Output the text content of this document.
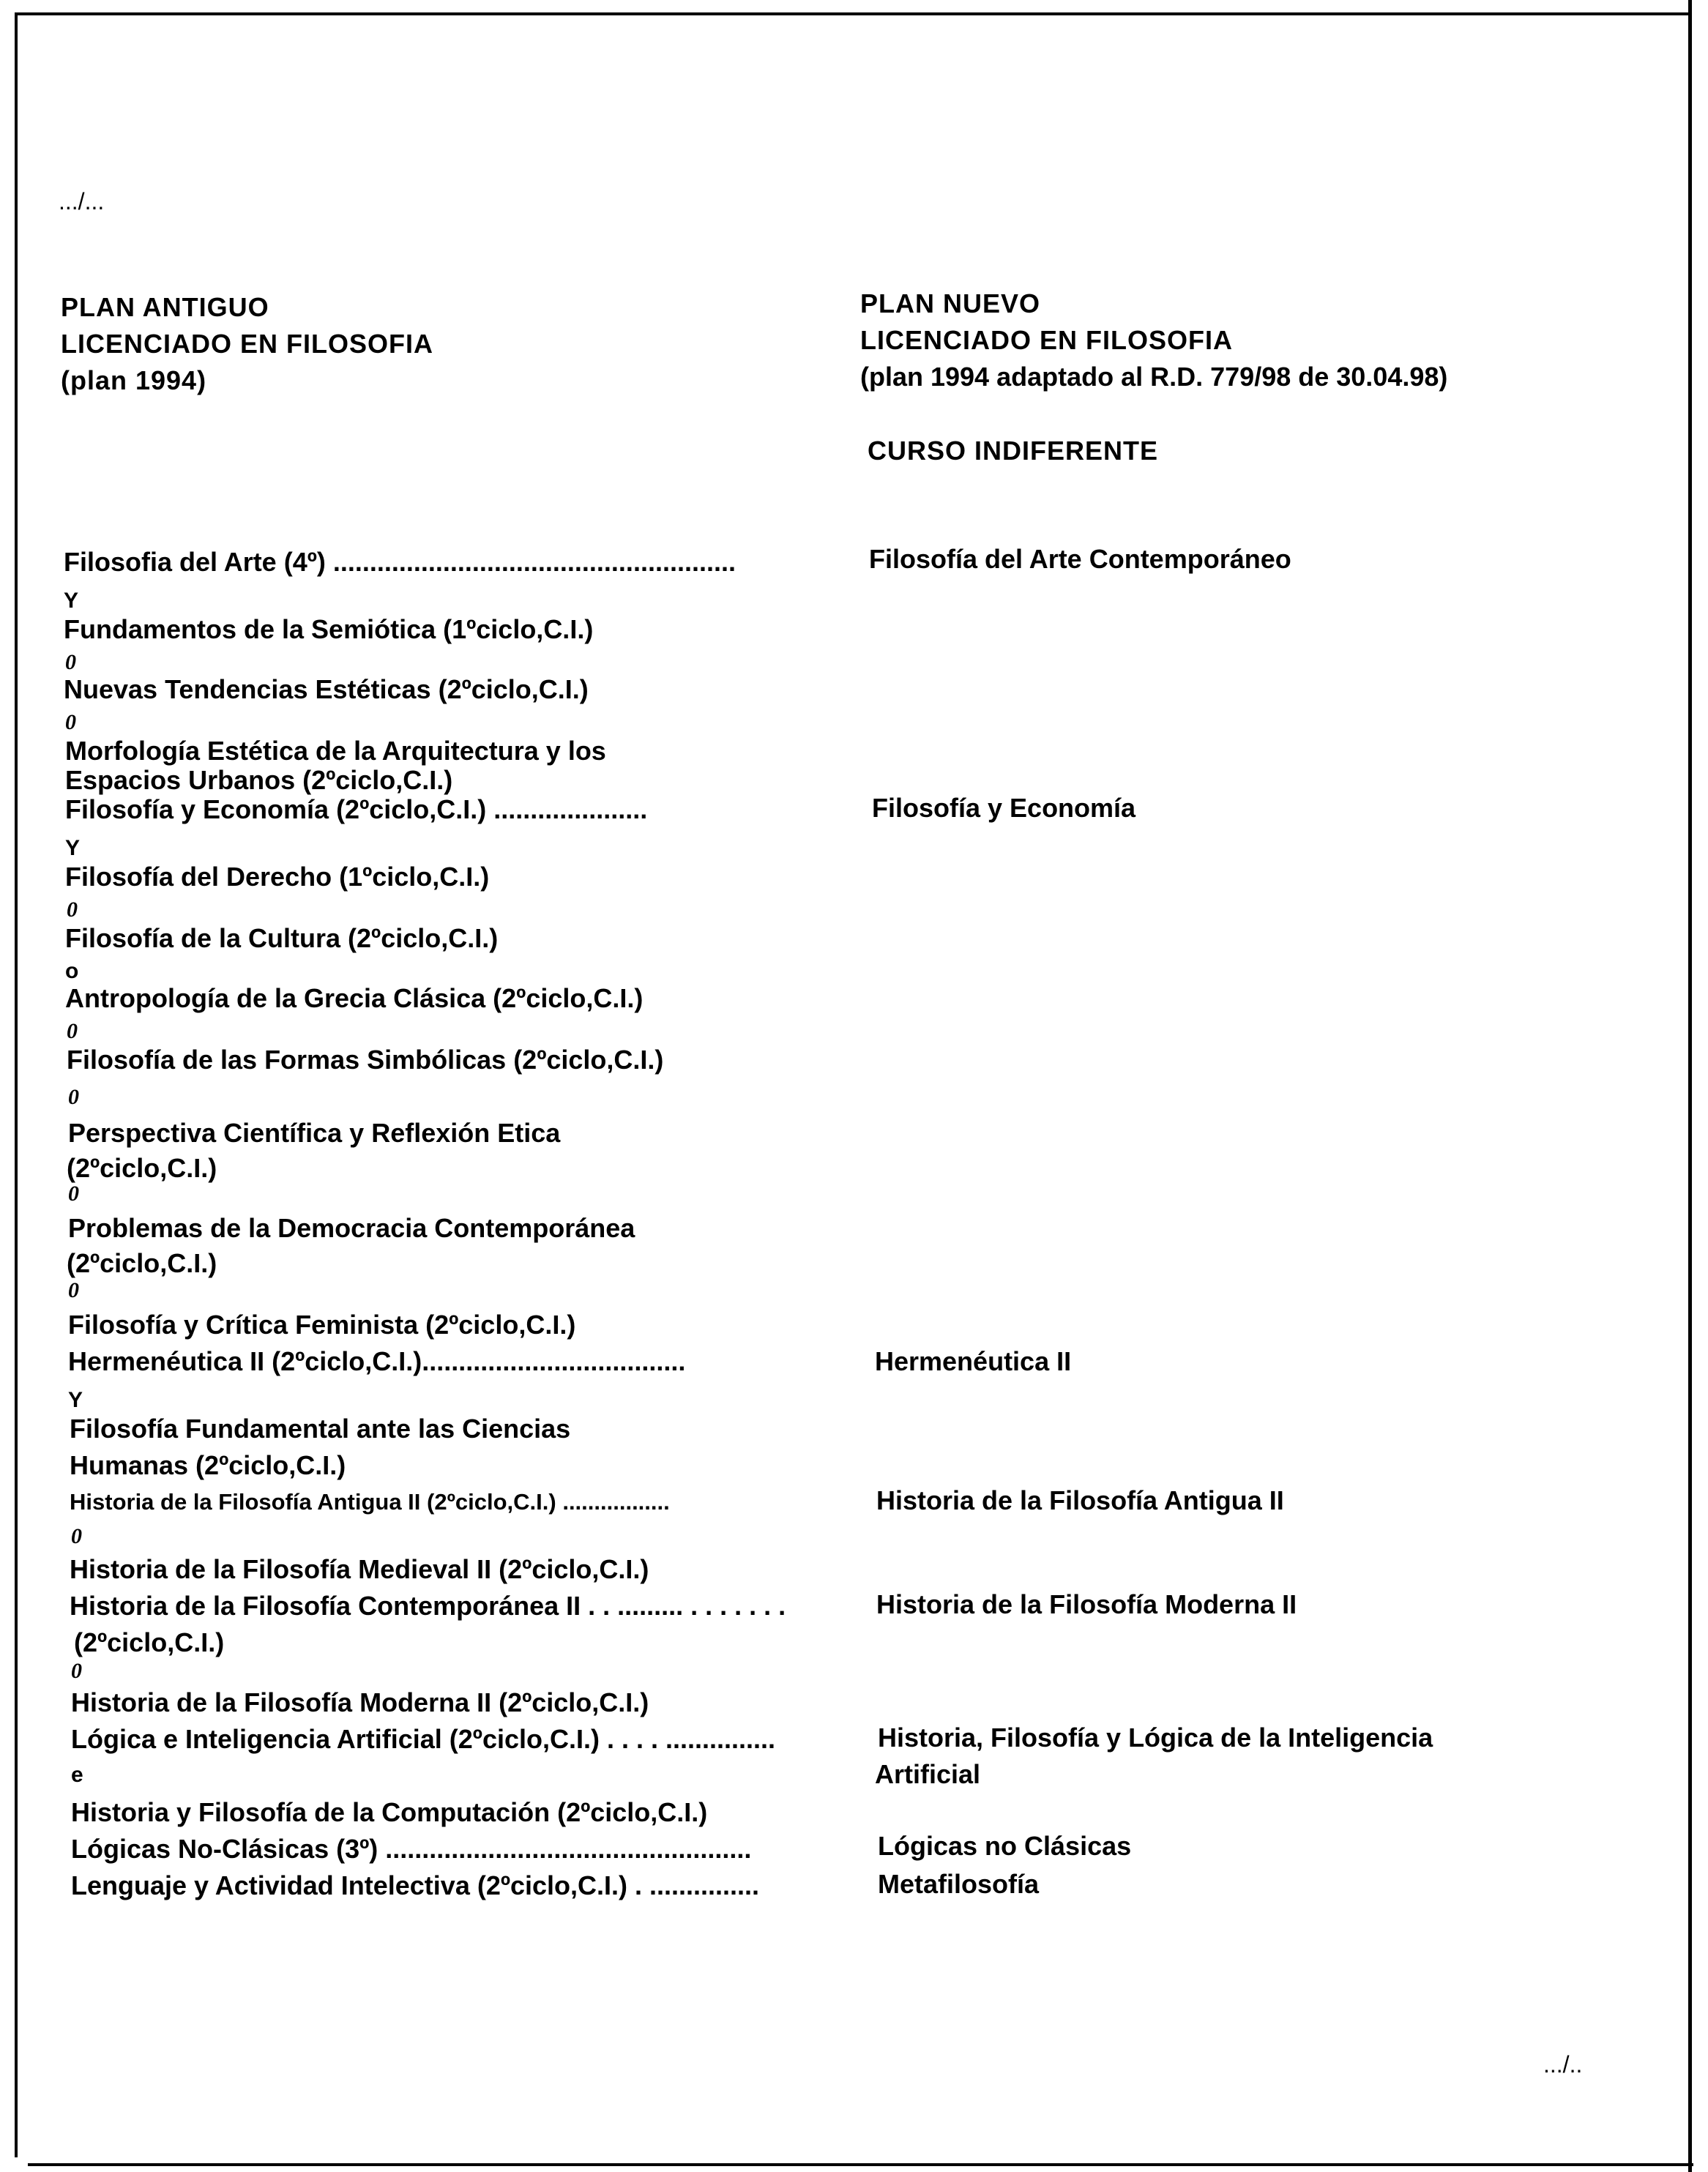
.../...
.../..
PLAN ANTIGUO
LICENCIADO EN FILOSOFIA
(plan 1994)
PLAN NUEVO
LICENCIADO EN FILOSOFIA
(plan 1994 adaptado al R.D. 779/98 de 30.04.98)
CURSO INDIFERENTE
Filosofia del Arte (4º) .......................................................
Y
Fundamentos de la Semiótica (1ºciclo,C.I.)
0
Nuevas Tendencias Estéticas (2ºciclo,C.I.)
0
Morfología Estética de la Arquitectura y los
Espacios Urbanos (2ºciclo,C.I.)
Filosofía y Economía (2ºciclo,C.I.) .....................
Y
Filosofía del Derecho (1ºciclo,C.I.)
0
Filosofía de la Cultura (2ºciclo,C.I.)
o
Antropología de la Grecia Clásica (2ºciclo,C.I.)
0
Filosofía de las Formas Simbólicas (2ºciclo,C.I.)
0
Perspectiva Científica y Reflexión Etica
(2ºciclo,C.I.)
0
Problemas de la Democracia Contemporánea
(2ºciclo,C.I.)
0
Filosofía y Crítica Feminista (2ºciclo,C.I.)
Hermenéutica II (2ºciclo,C.I.)....................................
Y
Filosofía Fundamental ante las Ciencias
Humanas (2ºciclo,C.I.)
Historia de la Filosofía Antigua II (2ºciclo,C.I.) .................
0
Historia de la Filosofía Medieval II (2ºciclo,C.I.)
Historia de la Filosofía Contemporánea II . . ......... . . . . . . .
(2ºciclo,C.I.)
0
Historia de la Filosofía Moderna II (2ºciclo,C.I.)
Lógica e Inteligencia Artificial (2ºciclo,C.I.) . . . . ...............
e
Historia y Filosofía de la Computación (2ºciclo,C.I.)
Lógicas No-Clásicas (3º) ..................................................
Lenguaje y Actividad Intelectiva (2ºciclo,C.I.) . ...............
Filosofía del Arte Contemporáneo
Filosofía y Economía
Hermenéutica II
Historia de la Filosofía Antigua II
Historia de la Filosofía Moderna II
Historia, Filosofía y Lógica de la Inteligencia
Artificial
Lógicas no Clásicas
Metafilosofía
